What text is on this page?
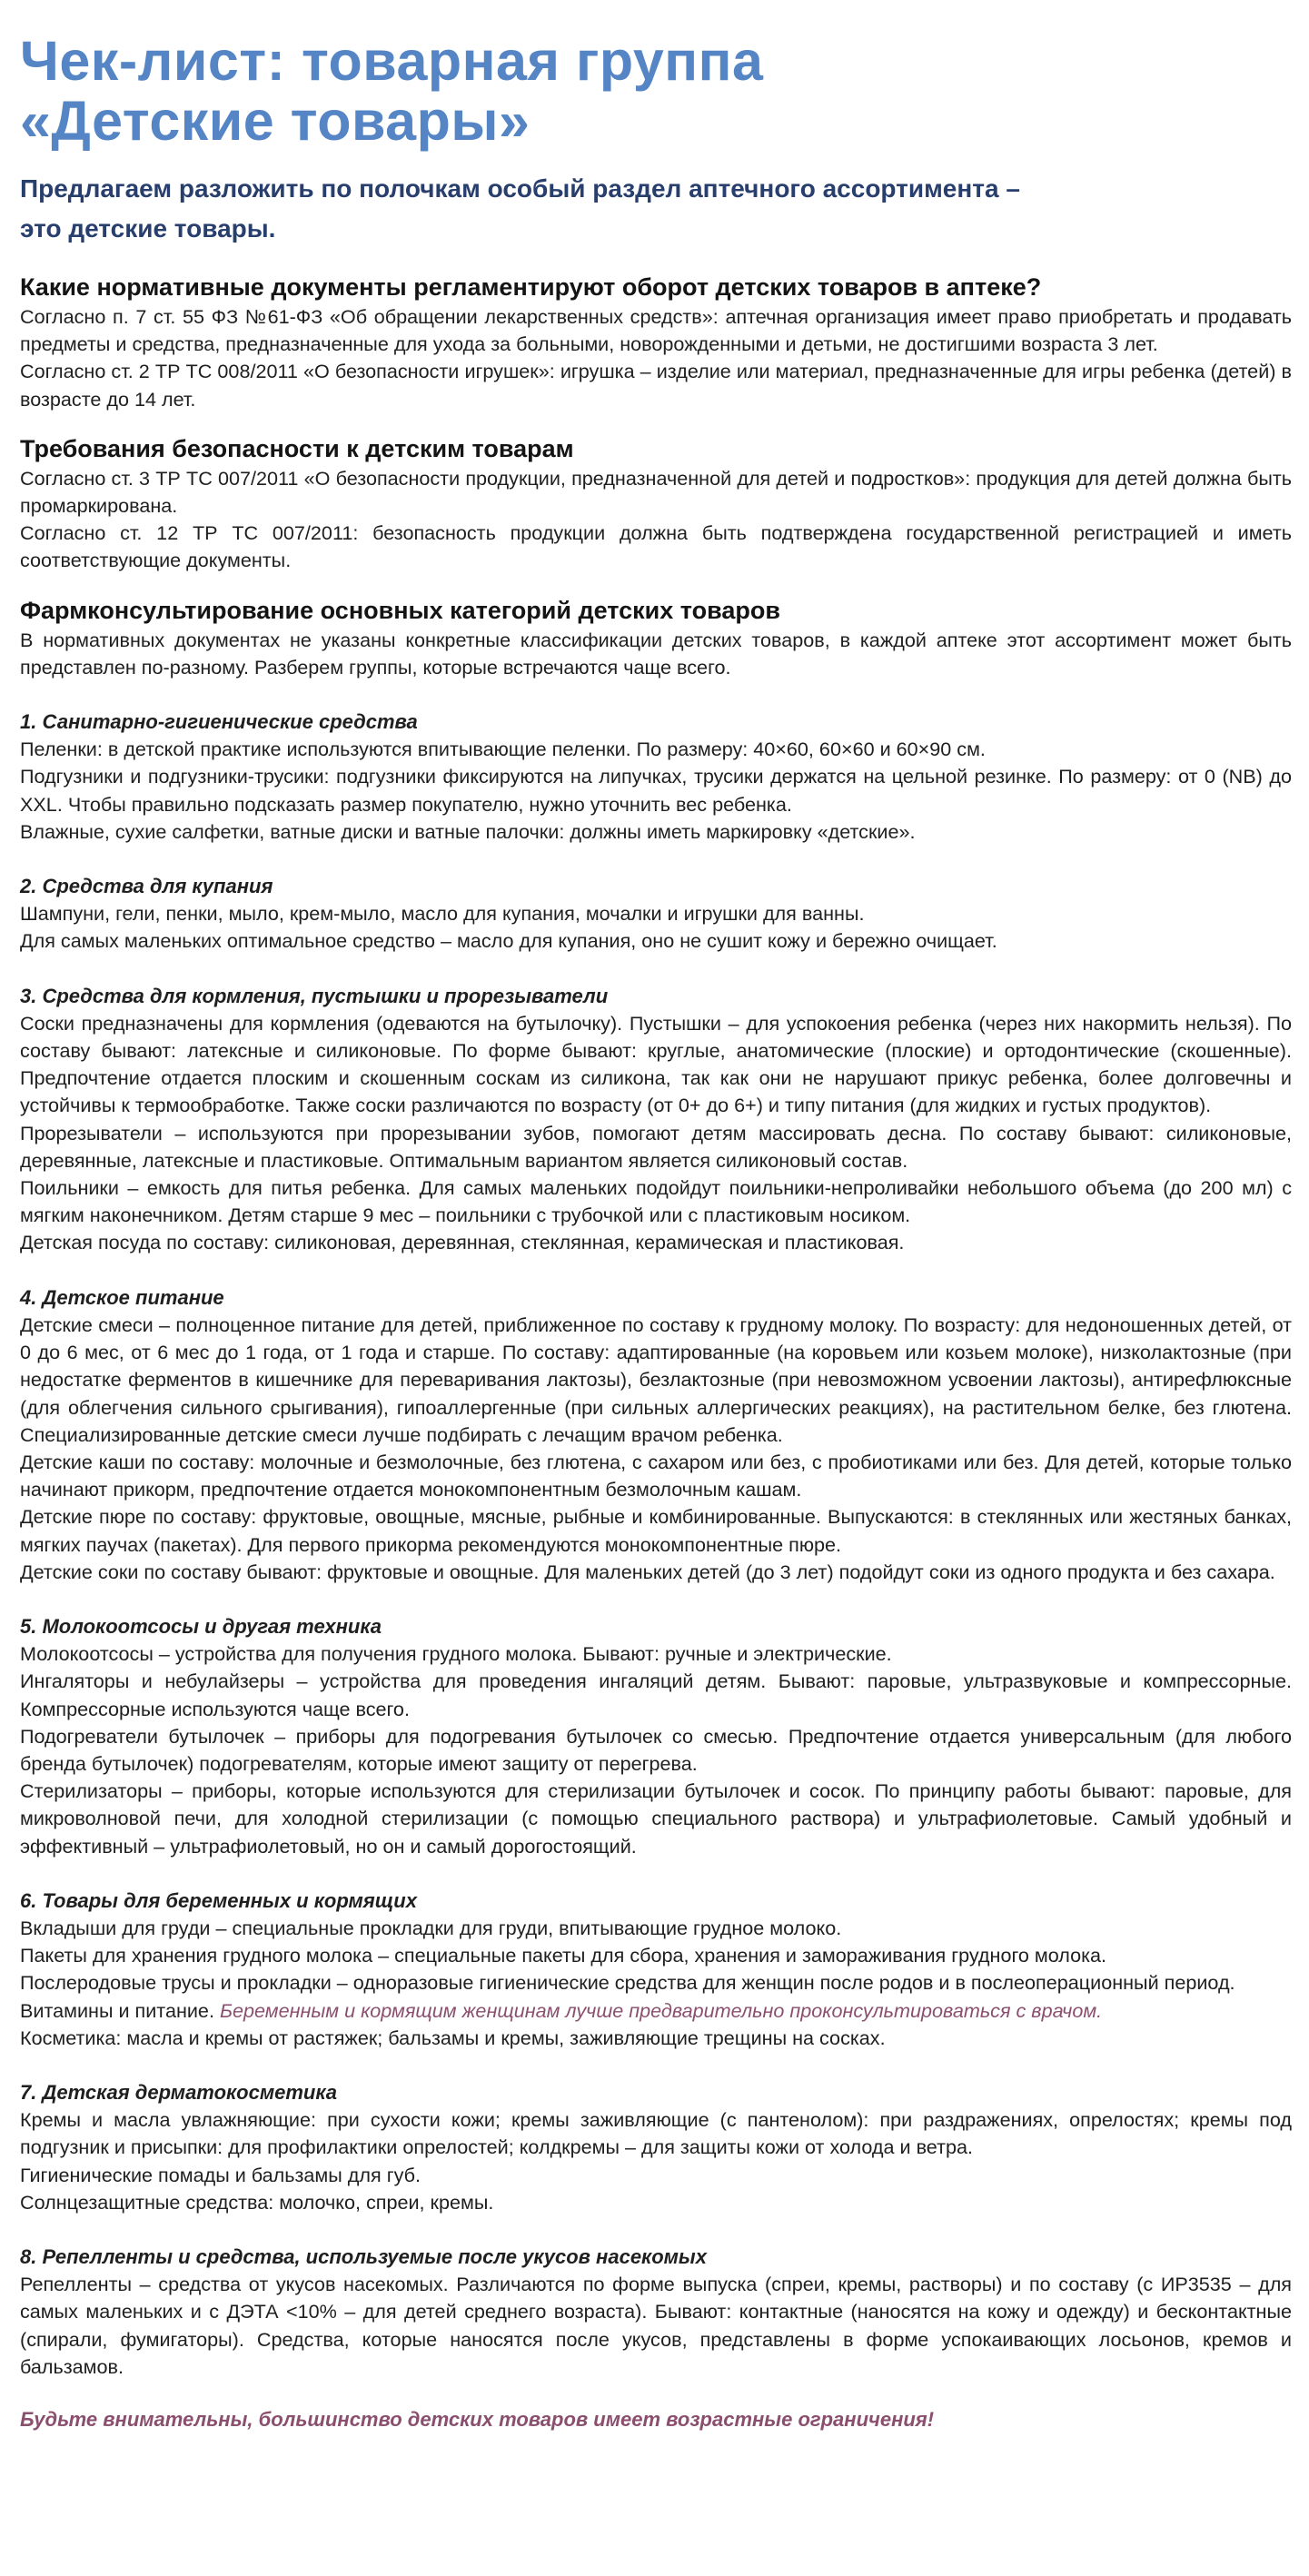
Чек-лист: товарная группа
«Детские товары»
Предлагаем разложить по полочкам особый раздел аптечного ассортимента –
это детские товары.
Какие нормативные документы регламентируют оборот детских товаров в аптеке?

Согласно п. 7 ст. 55 ФЗ №61-ФЗ «Об обращении лекарственных средств»: аптечная организация имеет право приобретать и продавать предметы и средства, предназначенные для ухода за больными, новорожденными и детьми, не достигшими возраста 3 лет.

Согласно ст. 2 ТР ТС 008/2011 «О безопасности игрушек»: игрушка – изделие или материал, предназначенные для игры ребенка (детей) в возрасте до 14 лет.

Требования безопасности к детским товарам

Согласно ст. 3 ТР ТС 007/2011 «О безопасности продукции, предназначенной для детей и подростков»: продукция для детей должна быть промаркирована.

Согласно ст. 12 ТР ТС 007/2011: безопасность продукции должна быть подтверждена государственной регистрацией и иметь соответствующие документы.

Фармконсультирование основных категорий детских товаров

В нормативных документах не указаны конкретные классификации детских товаров, в каждой аптеке этот ассортимент может быть представлен по-разному. Разберем группы, которые встречаются чаще всего.

1. Санитарно-гигиенические средства

Пеленки: в детской практике используются впитывающие пеленки. По размеру: 40×60, 60×60 и 60×90 см.

Подгузники и подгузники-трусики: подгузники фиксируются на липучках, трусики держатся на цельной резинке. По размеру: от 0 (NB) до XXL. Чтобы правильно подсказать размер покупателю, нужно уточнить вес ребенка.

Влажные, сухие салфетки, ватные диски и ватные палочки: должны иметь маркировку «детские».

2. Средства для купания

Шампуни, гели, пенки, мыло, крем-мыло, масло для купания, мочалки и игрушки для ванны.

Для самых маленьких оптимальное средство – масло для купания, оно не сушит кожу и бережно очищает.

3. Средства для кормления, пустышки и прорезыватели

Соски предназначены для кормления (одеваются на бутылочку). Пустышки – для успокоения ребенка (через них накормить нельзя). По составу бывают: латексные и силиконовые. По форме бывают: круглые, анатомические (плоские) и ортодонтические (скошенные). Предпочтение отдается плоским и скошенным соскам из силикона, так как они не нарушают прикус ребенка, более долговечны и устойчивы к термообработке. Также соски различаются по возрасту (от 0+ до 6+) и типу питания (для жидких и густых продуктов).

Прорезыватели – используются при прорезывании зубов, помогают детям массировать десна. По составу бывают: силиконовые, деревянные, латексные и пластиковые. Оптимальным вариантом является силиконовый состав.

Поильники – емкость для питья ребенка. Для самых маленьких подойдут поильники-непроливайки небольшого объема (до 200 мл) с мягким наконечником. Детям старше 9 мес – поильники с трубочкой или с пластиковым носиком.

Детская посуда по составу: силиконовая, деревянная, стеклянная, керамическая и пластиковая.

4. Детское питание

Детские смеси – полноценное питание для детей, приближенное по составу к грудному молоку. По возрасту: для недоношенных детей, от 0 до 6 мес, от 6 мес до 1 года, от 1 года и старше. По составу: адаптированные (на коровьем или козьем молоке), низколактозные (при недостатке ферментов в кишечнике для переваривания лактозы), безлактозные (при невозможном усвоении лактозы), антирефлюксные (для облегчения сильного срыгивания), гипоаллергенные (при сильных аллергических реакциях), на растительном белке, без глютена. Специализированные детские смеси лучше подбирать с лечащим врачом ребенка.

Детские каши по составу: молочные и безмолочные, без глютена, с сахаром или без, с пробиотиками или без. Для детей, которые только начинают прикорм, предпочтение отдается монокомпонентным безмолочным кашам.

Детские пюре по составу: фруктовые, овощные, мясные, рыбные и комбинированные. Выпускаются: в стеклянных или жестяных банках, мягких паучах (пакетах). Для первого прикорма рекомендуются монокомпонентные пюре.

Детские соки по составу бывают: фруктовые и овощные. Для маленьких детей (до 3 лет) подойдут соки из одного продукта и без сахара.

5. Молокоотсосы и другая техника

Молокоотсосы – устройства для получения грудного молока. Бывают: ручные и электрические.

Ингаляторы и небулайзеры – устройства для проведения ингаляций детям. Бывают: паровые, ультразвуковые и компрессорные. Компрессорные используются чаще всего.

Подогреватели бутылочек – приборы для подогревания бутылочек со смесью. Предпочтение отдается универсальным (для любого бренда бутылочек) подогревателям, которые имеют защиту от перегрева.

Стерилизаторы – приборы, которые используются для стерилизации бутылочек и сосок. По принципу работы бывают: паровые, для микроволновой печи, для холодной стерилизации (с помощью специального раствора) и ультрафиолетовые. Самый удобный и эффективный – ультрафиолетовый, но он и самый дорогостоящий.

6. Товары для беременных и кормящих

Вкладыши для груди – специальные прокладки для груди, впитывающие грудное молоко.

Пакеты для хранения грудного молока – специальные пакеты для сбора, хранения и замораживания грудного молока.

Послеродовые трусы и прокладки – одноразовые гигиенические средства для женщин после родов и в послеоперационный период.

Витамины и питание. Беременным и кормящим женщинам лучше предварительно проконсультироваться с врачом.

Косметика: масла и кремы от растяжек; бальзамы и кремы, заживляющие трещины на сосках.

7. Детская дерматокосметика

Кремы и масла увлажняющие: при сухости кожи; кремы заживляющие (с пантенолом): при раздражениях, опрелостях; кремы под подгузник и присыпки: для профилактики опрелостей; колдкремы – для защиты кожи от холода и ветра.

Гигиенические помады и бальзамы для губ.

Солнцезащитные средства: молочко, спреи, кремы.

8. Репелленты и средства, используемые после укусов насекомых

Репелленты – средства от укусов насекомых. Различаются по форме выпуска (спреи, кремы, растворы) и по составу (с ИР3535 – для самых маленьких и с ДЭТА <10% – для детей среднего возраста). Бывают: контактные (наносятся на кожу и одежду) и бесконтактные (спирали, фумигаторы). Средства, которые наносятся после укусов, представлены в форме успокаивающих лосьонов, кремов и бальзамов.

Будьте внимательны, большинство детских товаров имеет возрастные ограничения!
